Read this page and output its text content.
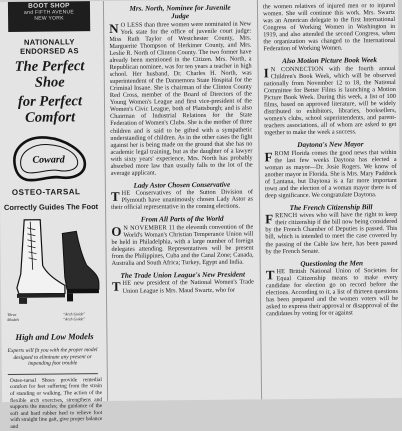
BOOT SHOP
and FIFTH AVENUE
NEW YORK
NATIONALLY ENDORSED AS
The Perfect Shoe
for Perfect Comfort
Coward
OSTEO-TARSAL
Correctly Guides The Foot
Three
Models
"Arch Guide"
"Arch Guide"
High and Low Models
Experts will fit you with the proper model designed to eliminate any present or impending foot trouble
Osteo-tarsal Shoes provide remedial comfort for feet suffering from the strain of standing or walking. The action of the flexible arch exercises, strengthens and supports the muscles; the guidance of the soft and hard rubber heel to relieve foot with straight line gait, give proper balance and
Mrs. North, Nominee for Juvenile
Judge

N O LESS than three women were nominated in New York state for the office of juvenile court judge: Miss Ruth Taylor of Westchester County, Mrs. Marguerite Thompson of Herkimer County, and Mrs. Leslie R. North of Clinton County. The two former have already been mentioned in the Citizen. Mrs. North, a Republican nominee, was for ten years a teacher in high school. Her husband, Dr. Charles H. North, was superintendent of the Dannemora State Hospital for the Criminal Insane. She is chairman of the Clinton County Red Cross, member of the Board of Directors of the Young Women's League and first vice-president of the Women's Civic League, both of Plattsburgh; and is also Chairman of Industrial Relations for the State Federation of Women's Clubs. She is the mother of three children and is said to be gifted with a sympathetic understanding of children. As in the other cases the fight against her is being made on the ground that she has no academic legal training, but as the daughter of a lawyer with sixty years' experience, Mrs. North has probably absorbed more law than usually falls to the lot of the average applicant.

Lady Astor Chosen Conservative

THE Conservatives of the Sutton Division of Plymouth have unanimously chosen Lady Astor as their official representative in the coming elections.

From All Parts of the World

O N NOVEMBER 11 the eleventh convention of the World's Woman's Christian Temperance Union will be held in Philadelphia, with a large number of foreign delegates attending. Representatives will be present from the Philippines, Cuba and the Canal Zone; Canada, Australia and South Africa; Turkey, Egypt and India.

The Trade Union League's New President

THE new president of the National Women's Trade Union League is Mrs. Maud Swartz, who for

the women relatives of injured men or to injured women. She will continue this work. Mrs. Swartz was an American delegate to the first International Congress of Working Women in Washington in 1919, and also attended the second Congress, when the organization was changed to the International Federation of Working Women.

Also Motion Picture Book Week

I N CONNECTION with the fourth annual Children's Book Week, which will be observed nationally from November 12 to 18, the National Committee for Better Films is launching a Motion Picture Book Week. During this week, a list of 100 films, based on approved literature, will be widely distributed to exhibitors, libraries, booksellers, women's clubs, school superintendents, and parent-teachers associations, all of whom are asked to get together to make the week a success.

Daytona's New Mayor

FROM Florida comes the good news that within the last few weeks Daytona has elected a woman as mayor—Dr. Josie Rogers. We know of another mayor in Florida. She is Mrs. Mary Paddock of Lantana, but Daytona is a far more important town and the election of a woman mayor there is of deep significance. We congratulate Daytona.

The French Citizenship Bill

FRENCH wives who will have the right to keep their citizenship if the bill now being considered by the French Chamber of Deputies is passed. This bill, which is intended to meet the case covered by the passing of the Cable law here, has been passed by the French Senate.

Questioning the Men

THE British National Union of Societies for Equal Citizenship means to make every candidate for election go on record before the elections. According to it, a list of thirteen questions has been prepared and the women voters will be asked to express their approval or disapproval of the candidates by voting for or against
